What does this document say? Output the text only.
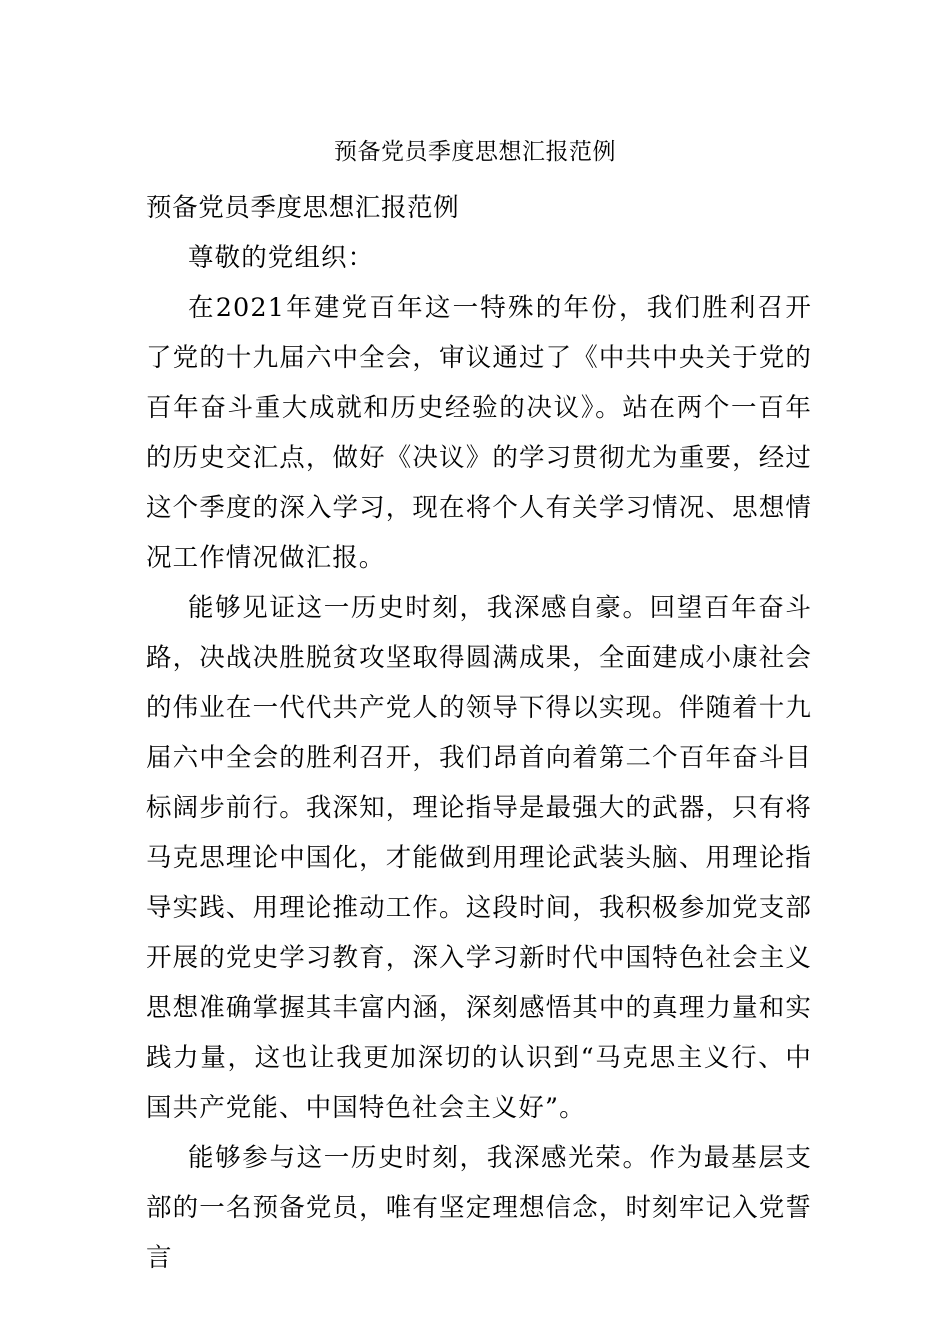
预备党员季度思想汇报范例

预备党员季度思想汇报范例

尊敬的党组织：

在2021年建党百年这一特殊的年份，我们胜利召开了党的十九届六中全会，审议通过了《中共中央关于党的百年奋斗重大成就和历史经验的决议》。站在两个一百年的历史交汇点，做好《决议》的学习贯彻尤为重要，经过这个季度的深入学习，现在将个人有关学习情况、思想情况工作情况做汇报。

能够见证这一历史时刻，我深感自豪。回望百年奋斗路，决战决胜脱贫攻坚取得圆满成果，全面建成小康社会的伟业在一代代共产党人的领导下得以实现。伴随着十九届六中全会的胜利召开，我们昂首向着第二个百年奋斗目标阔步前行。我深知，理论指导是最强大的武器，只有将马克思理论中国化，才能做到用理论武装头脑、用理论指导实践、用理论推动工作。这段时间，我积极参加党支部开展的党史学习教育，深入学习新时代中国特色社会主义思想准确掌握其丰富内涵，深刻感悟其中的真理力量和实践力量，这也让我更加深切的认识到“马克思主义行、中国共产党能、中国特色社会主义好”。

能够参与这一历史时刻，我深感光荣。作为最基层支部的一名预备党员，唯有坚定理想信念，时刻牢记入党誓言
